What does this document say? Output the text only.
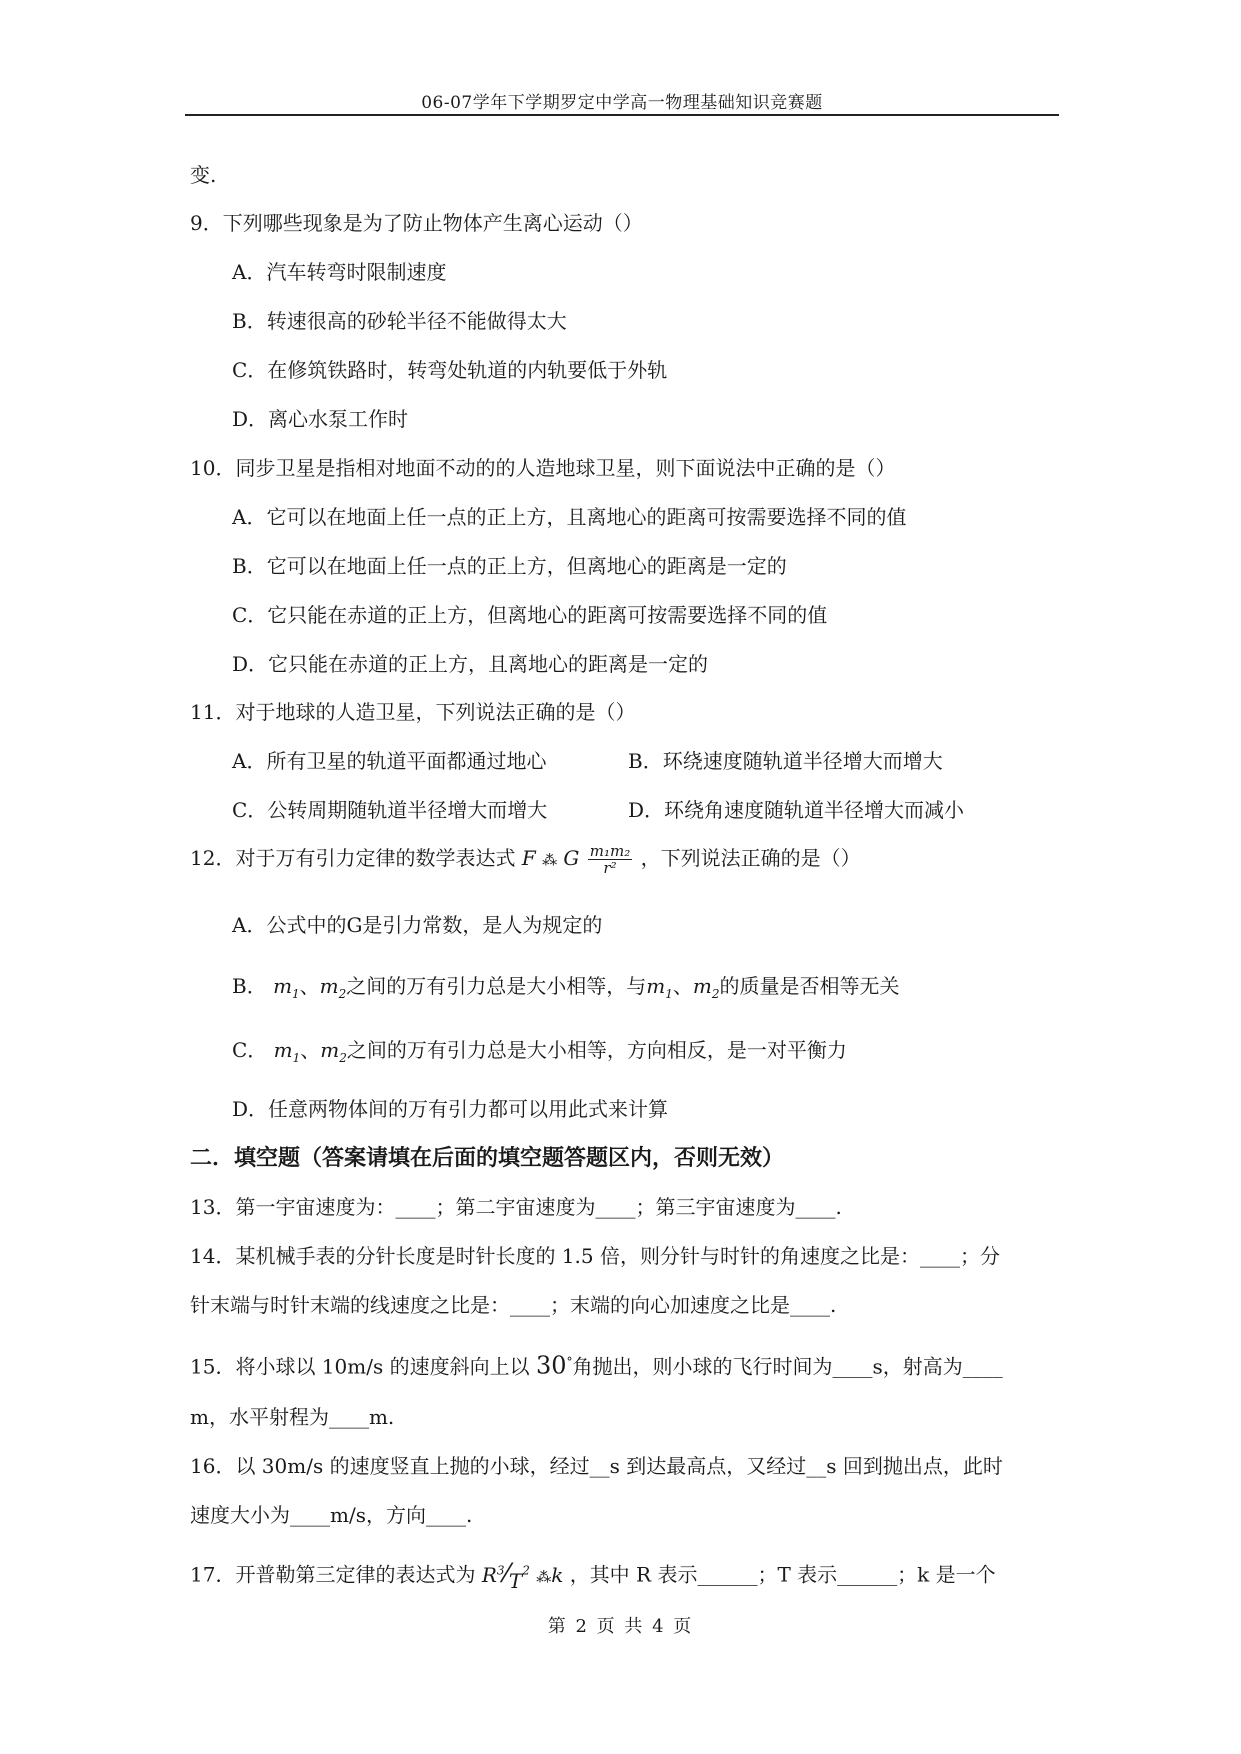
06-07学年下学期罗定中学高一物理基础知识竞赛题
变.
9．下列哪些现象是为了防止物体产生离心运动（）
A．汽车转弯时限制速度
B．转速很高的砂轮半径不能做得太大
C．在修筑铁路时，转弯处轨道的内轨要低于外轨
D．离心水泵工作时
10．同步卫星是指相对地面不动的的人造地球卫星，则下面说法中正确的是（）
A．它可以在地面上任一点的正上方，且离地心的距离可按需要选择不同的值
B．它可以在地面上任一点的正上方，但离地心的距离是一定的
C．它只能在赤道的正上方，但离地心的距离可按需要选择不同的值
D．它只能在赤道的正上方，且离地心的距离是一定的
11．对于地球的人造卫星，下列说法正确的是（）
A．所有卫星的轨道平面都通过地心	B．环绕速度随轨道半径增大而增大
C．公转周期随轨道半径增大而增大	D．环绕角速度随轨道半径增大而减小
12．对于万有引力定律的数学表达式 F ⁂ G $\frac{\text{m₁m₂}}{\text{r²}}$ ，下列说法正确的是（）
A．公式中的G是引力常数，是人为规定的
B． $m_1$、$m_2$之间的万有引力总是大小相等，与$m_1$、$m_2$的质量是否相等无关
C． $m_1$、$m_2$之间的万有引力总是大小相等，方向相反，是一对平衡力
D．任意两物体间的万有引力都可以用此式来计算
二．填空题（答案请填在后面的填空题答题区内，否则无效）
13．第一宇宙速度为：____；第二宇宙速度为____；第三宇宙速度为____.
14．某机械手表的分针长度是时针长度的 1.5 倍，则分针与时针的角速度之比是：____；分
针末端与时针末端的线速度之比是：____；末端的向心加速度之比是____.
15．将小球以 10m/s 的速度斜向上以 30°角抛出，则小球的飞行时间为____s，射高为____
m，水平射程为____m.
16．以 30m/s 的速度竖直上抛的小球，经过__s 到达最高点，又经过__s 回到抛出点，此时
速度大小为____m/s，方向____.
17．开普勒第三定律的表达式为 $R^3⁄T^2$ ⁂k ，其中 R 表示______；T 表示______；k 是一个
第 2 页 共 4 页
